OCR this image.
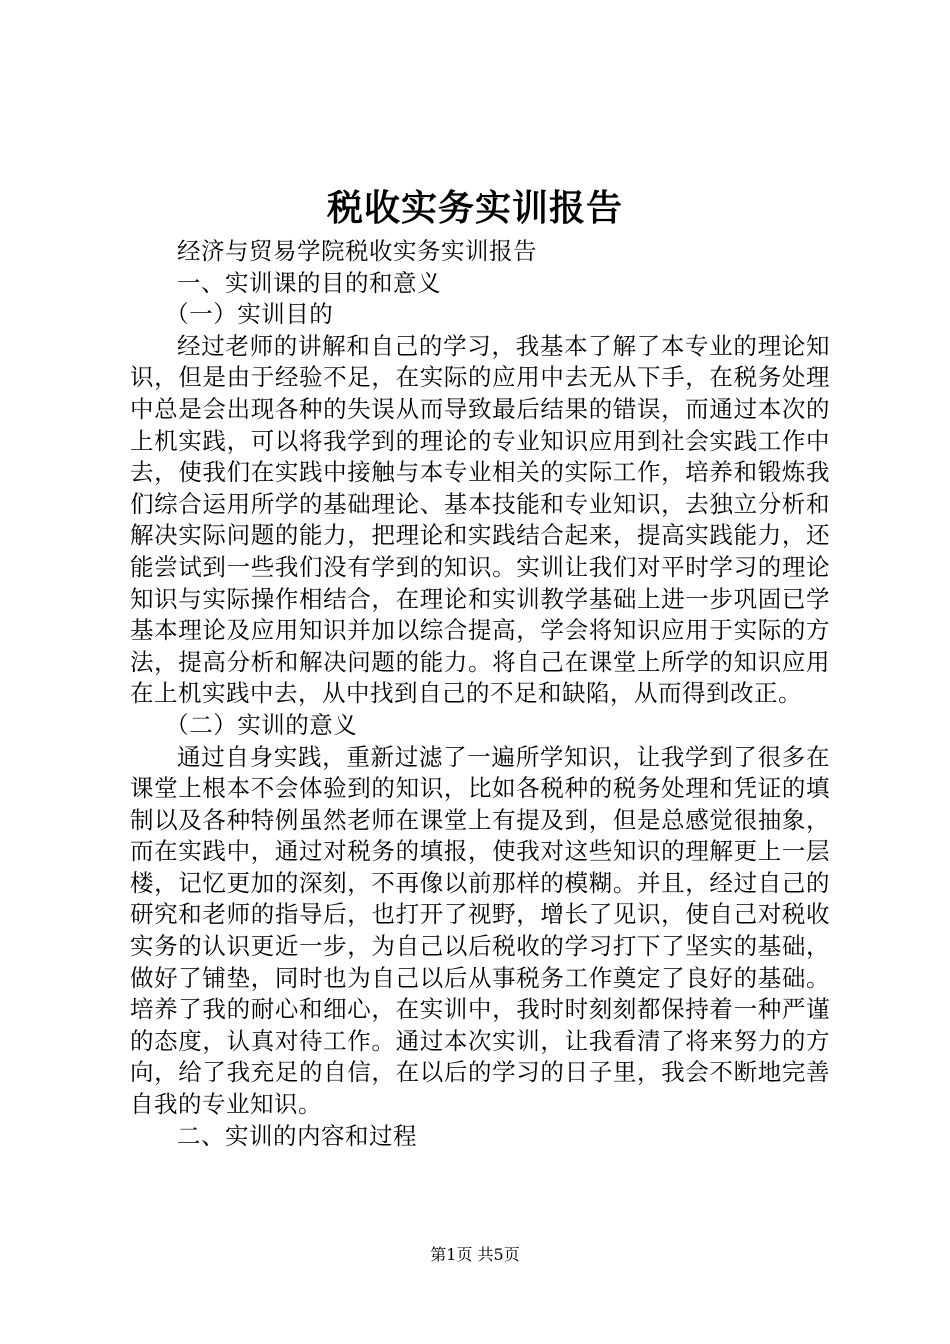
税收实务实训报告

经济与贸易学院税收实务实训报告

一、实训课的目的和意义

（一）实训目的

经过老师的讲解和自己的学习，我基本了解了本专业的理论知识，但是由于经验不足，在实际的应用中去无从下手，在税务处理中总是会出现各种的失误从而导致最后结果的错误，而通过本次的上机实践，可以将我学到的理论的专业知识应用到社会实践工作中去，使我们在实践中接触与本专业相关的实际工作，培养和锻炼我们综合运用所学的基础理论、基本技能和专业知识，去独立分析和解决实际问题的能力，把理论和实践结合起来，提高实践能力，还能尝试到一些我们没有学到的知识。实训让我们对平时学习的理论知识与实际操作相结合，在理论和实训教学基础上进一步巩固已学基本理论及应用知识并加以综合提高，学会将知识应用于实际的方法，提高分析和解决问题的能力。将自己在课堂上所学的知识应用在上机实践中去，从中找到自己的不足和缺陷，从而得到改正。

（二）实训的意义

通过自身实践，重新过滤了一遍所学知识，让我学到了很多在课堂上根本不会体验到的知识，比如各税种的税务处理和凭证的填制以及各种特例虽然老师在课堂上有提及到，但是总感觉很抽象，而在实践中，通过对税务的填报，使我对这些知识的理解更上一层楼，记忆更加的深刻，不再像以前那样的模糊。并且，经过自己的研究和老师的指导后，也打开了视野，增长了见识，使自己对税收实务的认识更近一步，为自己以后税收的学习打下了坚实的基础，做好了铺垫，同时也为自己以后从事税务工作奠定了良好的基础。培养了我的耐心和细心，在实训中，我时时刻刻都保持着一种严谨的态度，认真对待工作。通过本次实训，让我看清了将来努力的方向，给了我充足的自信，在以后的学习的日子里，我会不断地完善自我的专业知识。

二、实训的内容和过程

第1页 共5页
